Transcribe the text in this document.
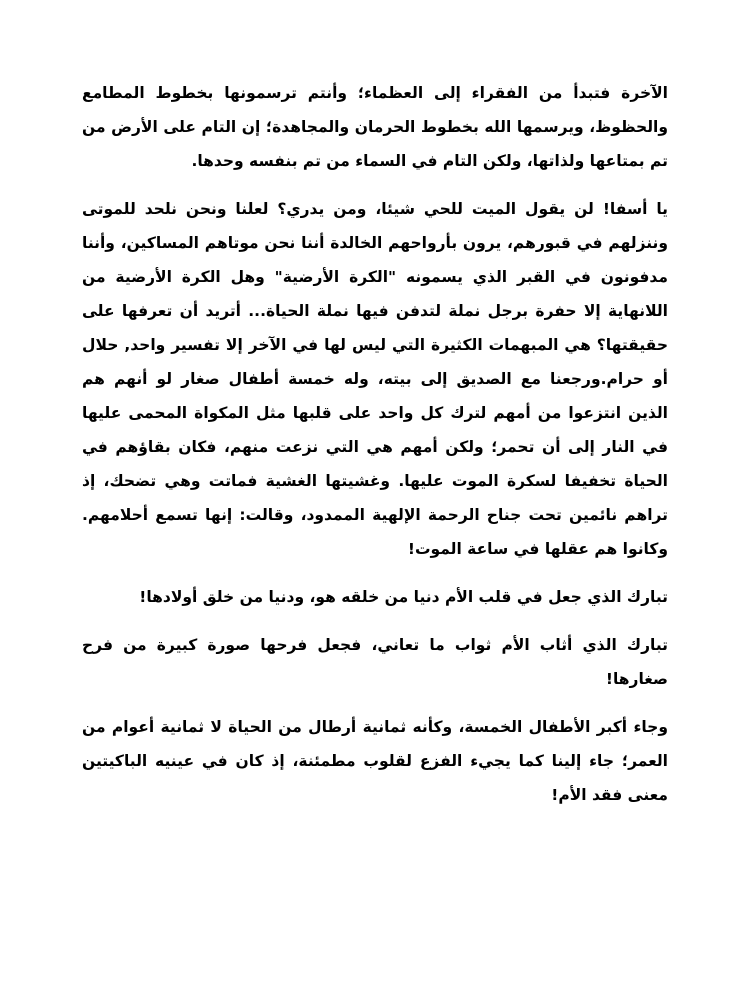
الآخرة فتبدأ من الفقراء إلى العظماء؛ وأنتم ترسمونها بخطوط المطامع والحظوظ، ويرسمها الله بخطوط الحرمان والمجاهدة؛ إن التام على الأرض من تم بمتاعها ولذاتها، ولكن التام في السماء من تم بنفسه وحدها.

يا أسفا! لن يقول الميت للحي شيئا، ومن يدري؟ لعلنا ونحن نلحد للموتى وننزلهم في قبورهم، يرون بأرواحهم الخالدة أننا نحن موتاهم المساكين، وأننا مدفونون في القبر الذي يسمونه "الكرة الأرضية" وهل الكرة الأرضية من اللانهاية إلا حفرة برجل نملة لتدفن فيها نملة الحياة... أتريد أن تعرفها على حقيقتها؟ هي المبهمات الكثيرة التي ليس لها في الآخر إلا تفسير واحد, حلال أو حرام.ورجعنا مع الصديق إلى بيته، وله خمسة أطفال صغار لو أنهم هم الذين انتزعوا من أمهم لترك كل واحد على قلبها مثل المكواة المحمى عليها في النار إلى أن تحمر؛ ولكن أمهم هي التي نزعت منهم، فكان بقاؤهم في الحياة تخفيفا لسكرة الموت عليها. وغشيتها الغشية فماتت وهي تضحك، إذ تراهم نائمين تحت جناح الرحمة الإلهية الممدود، وقالت: إنها تسمع أحلامهم. وكانوا هم عقلها في ساعة الموت!

تبارك الذي جعل في قلب الأم دنيا من خلقه هو، ودنيا من خلق أولادها!

تبارك الذي أثاب الأم ثواب ما تعاني، فجعل فرحها صورة كبيرة من فرح صغارها!

وجاء أكبر الأطفال الخمسة، وكأنه ثمانية أرطال من الحياة لا ثمانية أعوام من العمر؛ جاء إلينا كما يجيء الفزع لقلوب مطمئنة، إذ كان في عينيه الباكيتين معنى فقد الأم!
